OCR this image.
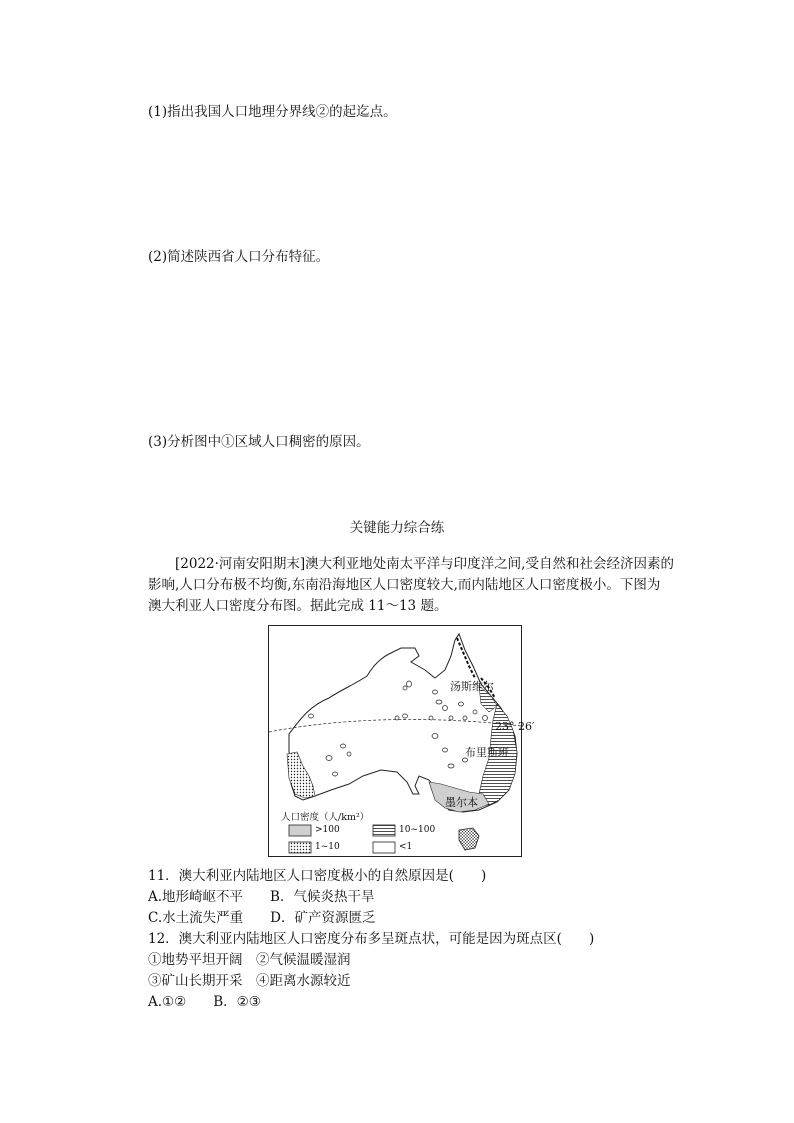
(1)指出我国人口地理分界线②的起迄点。
(2)简述陕西省人口分布特征。
(3)分析图中①区域人口稠密的原因。
关键能力综合练
[2022·河南安阳期末]澳大利亚地处南太平洋与印度洋之间,受自然和社会经济因素的
影响,人口分布极不均衡,东南沿海地区人口密度较大,而内陆地区人口密度极小。下图为
澳大利亚人口密度分布图。据此完成 11～13 题。
汤斯维尔
23° 26′
布里斯班
墨尔本
人口密度（人/km²）
>100	10~100
1~10	<1
11．澳大利亚内陆地区人口密度极小的自然原因是(　　)
A.地形崎岖不平　　B．气候炎热干旱
C.水土流失严重　　D．矿产资源匮乏
12．澳大利亚内陆地区人口密度分布多呈斑点状，可能是因为斑点区(　　)
①地势平坦开阔　②气候温暖湿润
③矿山长期开采　④距离水源较近
A.①②　　B．②③
